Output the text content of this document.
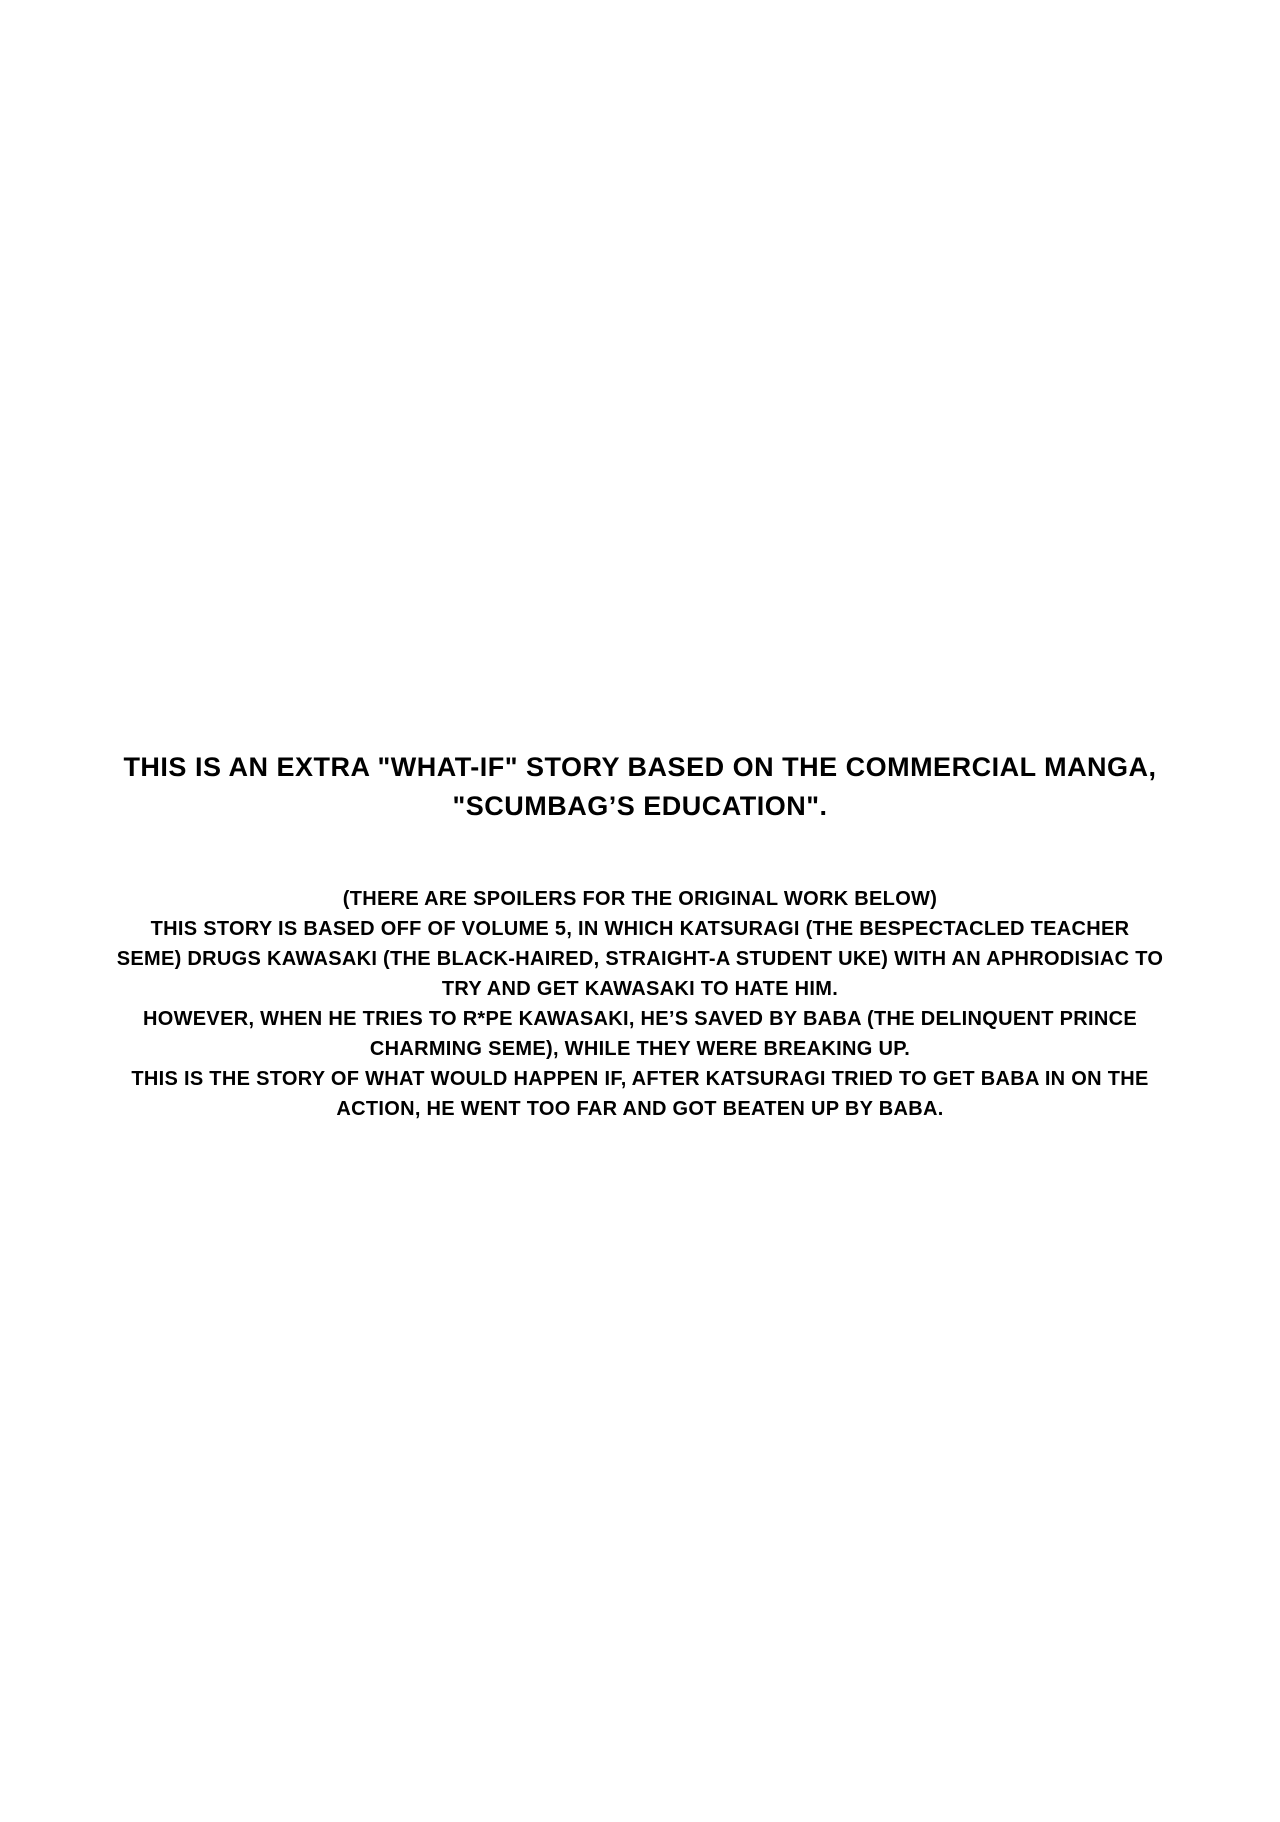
THIS IS AN EXTRA "WHAT-IF" STORY BASED ON THE COMMERCIAL MANGA,
"SCUMBAG’S EDUCATION".
(THERE ARE SPOILERS FOR THE ORIGINAL WORK BELOW)
THIS STORY IS BASED OFF OF VOLUME 5, IN WHICH KATSURAGI (THE BESPECTACLED TEACHER
SEME) DRUGS KAWASAKI (THE BLACK-HAIRED, STRAIGHT-A STUDENT UKE) WITH AN APHRODISIAC TO
TRY AND GET KAWASAKI TO HATE HIM.
HOWEVER, WHEN HE TRIES TO R*PE KAWASAKI, HE’S SAVED BY BABA (THE DELINQUENT PRINCE
CHARMING SEME), WHILE THEY WERE BREAKING UP.
THIS IS THE STORY OF WHAT WOULD HAPPEN IF, AFTER KATSURAGI TRIED TO GET BABA IN ON THE
ACTION, HE WENT TOO FAR AND GOT BEATEN UP BY BABA.
